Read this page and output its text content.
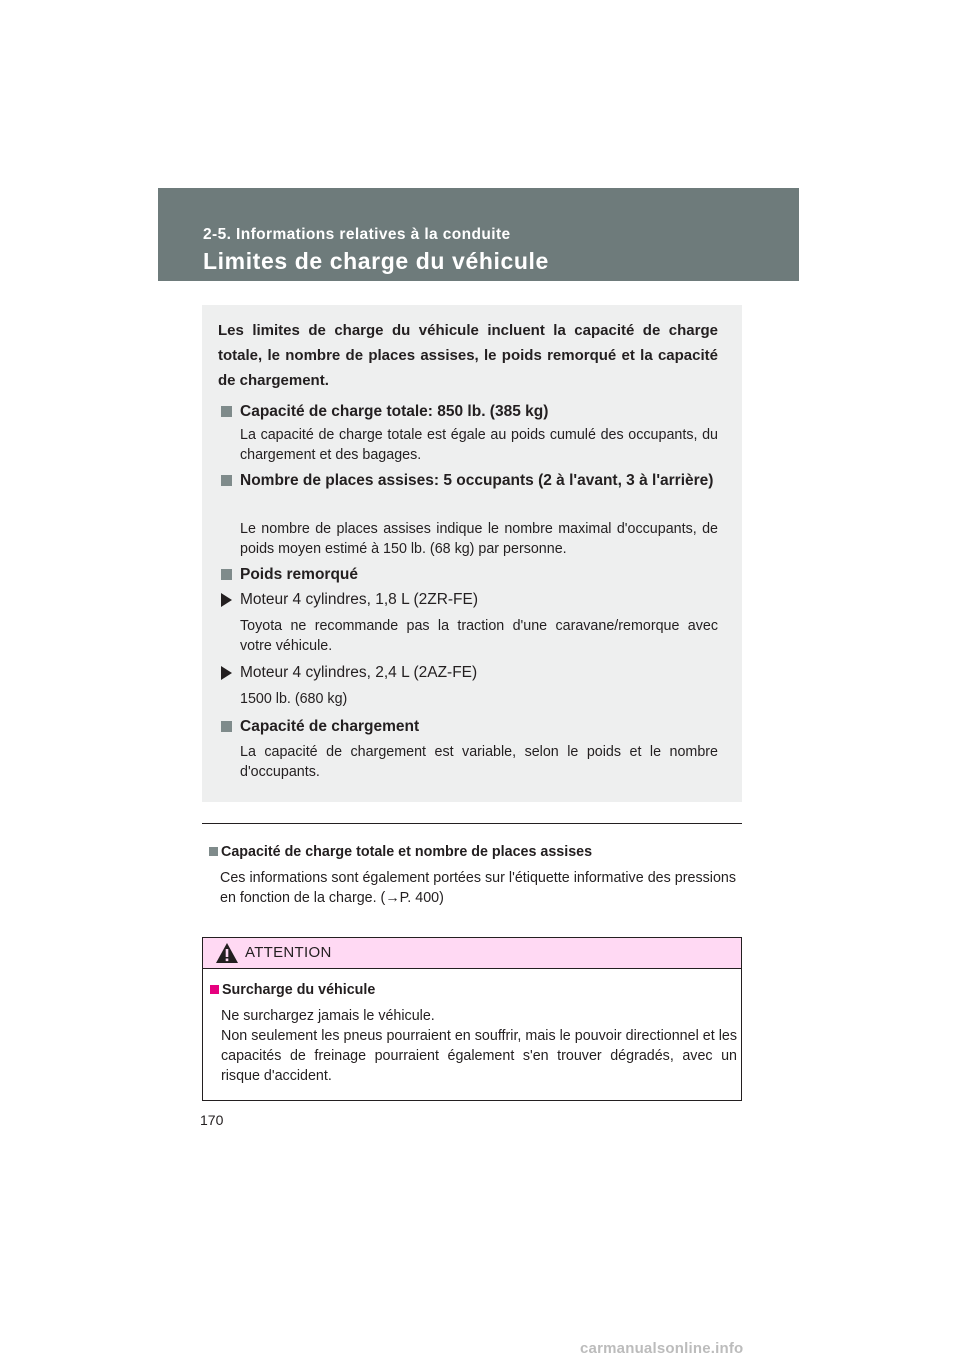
2-5. Informations relatives à la conduite
Limites de charge du véhicule
Les limites de charge du véhicule incluent la capacité de charge totale, le nombre de places assises, le poids remorqué et la capacité de chargement.
Capacité de charge totale: 850 lb. (385 kg)
La capacité de charge totale est égale au poids cumulé des occupants, du chargement et des bagages.
Nombre de places assises: 5 occupants (2 à l'avant, 3 à l'arrière)
Le nombre de places assises indique le nombre maximal d'occupants, de poids moyen estimé à 150 lb. (68 kg) par personne.
Poids remorqué
Moteur 4 cylindres, 1,8 L (2ZR-FE)
Toyota ne recommande pas la traction d'une caravane/remorque avec votre véhicule.
Moteur 4 cylindres, 2,4 L (2AZ-FE)
1500 lb. (680 kg)
Capacité de chargement
La capacité de chargement est variable, selon le poids et le nombre d'occupants.
Capacité de charge totale et nombre de places assises
Ces informations sont également portées sur l'étiquette informative des pressions en fonction de la charge. (→P. 400)
ATTENTION
Surcharge du véhicule

Ne surchargez jamais le véhicule.

Non seulement les pneus pourraient en souffrir, mais le pouvoir directionnel et les capacités de freinage pourraient également s'en trouver dégradés, avec un risque d'accident.

170
carmanualsonline.info
